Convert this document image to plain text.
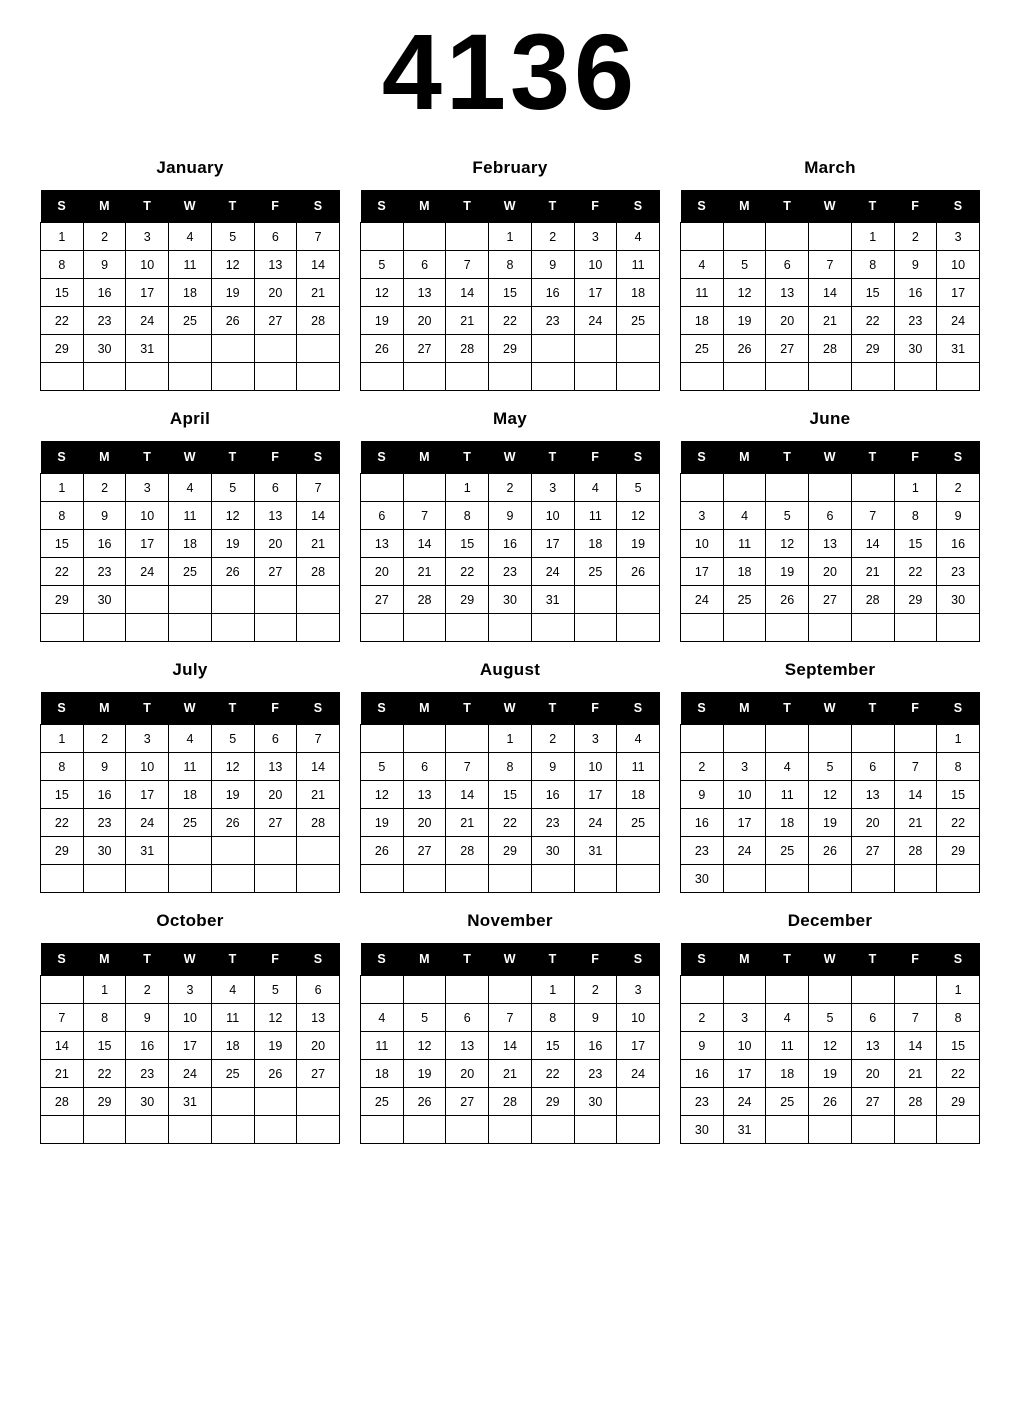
4136
January
S	M	T	W	T	F	S
1	2	3	4	5	6	7
8	9	10	11	12	13	14
15	16	17	18	19	20	21
22	23	24	25	26	27	28
29	30	31				

February
S	M	T	W	T	F	S
			1	2	3	4
5	6	7	8	9	10	11
12	13	14	15	16	17	18
19	20	21	22	23	24	25
26	27	28	29			

March
S	M	T	W	T	F	S
				1	2	3
4	5	6	7	8	9	10
11	12	13	14	15	16	17
18	19	20	21	22	23	24
25	26	27	28	29	30	31

April
S	M	T	W	T	F	S
1	2	3	4	5	6	7
8	9	10	11	12	13	14
15	16	17	18	19	20	21
22	23	24	25	26	27	28
29	30					

May
S	M	T	W	T	F	S
		1	2	3	4	5
6	7	8	9	10	11	12
13	14	15	16	17	18	19
20	21	22	23	24	25	26
27	28	29	30	31		

June
S	M	T	W	T	F	S
					1	2
3	4	5	6	7	8	9
10	11	12	13	14	15	16
17	18	19	20	21	22	23
24	25	26	27	28	29	30

July
S	M	T	W	T	F	S
1	2	3	4	5	6	7
8	9	10	11	12	13	14
15	16	17	18	19	20	21
22	23	24	25	26	27	28
29	30	31				

August
S	M	T	W	T	F	S
			1	2	3	4
5	6	7	8	9	10	11
12	13	14	15	16	17	18
19	20	21	22	23	24	25
26	27	28	29	30	31	

September
S	M	T	W	T	F	S
						1
2	3	4	5	6	7	8
9	10	11	12	13	14	15
16	17	18	19	20	21	22
23	24	25	26	27	28	29
30						
October
S	M	T	W	T	F	S
	1	2	3	4	5	6
7	8	9	10	11	12	13
14	15	16	17	18	19	20
21	22	23	24	25	26	27
28	29	30	31			

November
S	M	T	W	T	F	S
				1	2	3
4	5	6	7	8	9	10
11	12	13	14	15	16	17
18	19	20	21	22	23	24
25	26	27	28	29	30	

December
S	M	T	W	T	F	S
						1
2	3	4	5	6	7	8
9	10	11	12	13	14	15
16	17	18	19	20	21	22
23	24	25	26	27	28	29
30	31					
